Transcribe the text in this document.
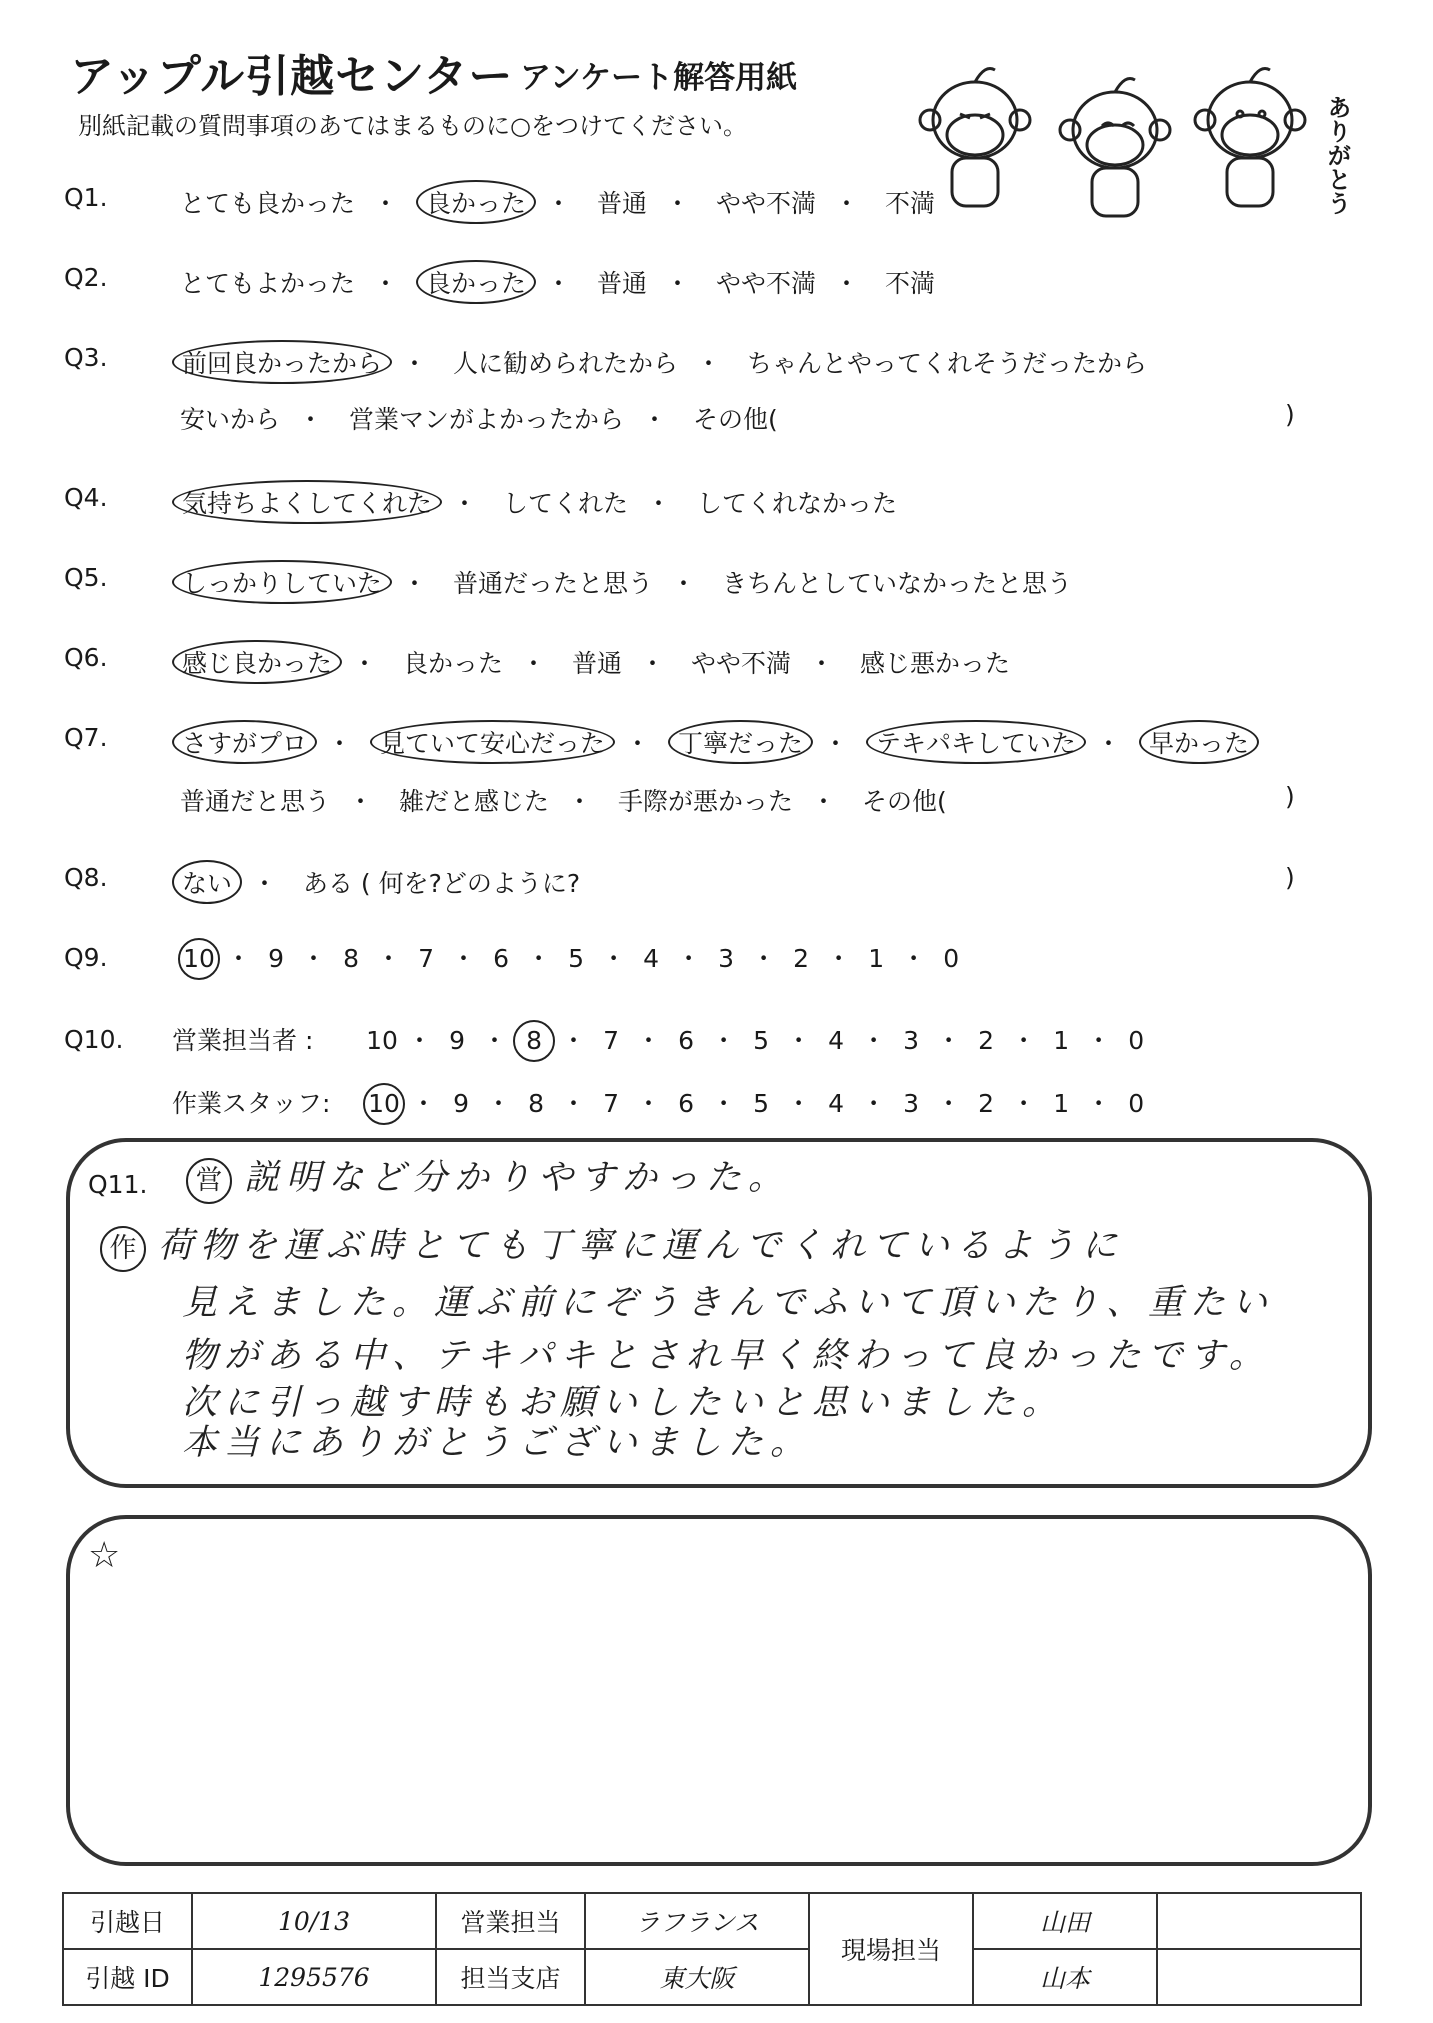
アップル引越センター アンケート解答用紙
別紙記載の質問事項のあてはまるものに○をつけてください。	ありがとう
Q1.	とても良かった ・ 良かった ・ 普通 ・ やや不満 ・ 不満
Q2.	とてもよかった ・ 良かった ・ 普通 ・ やや不満 ・ 不満
Q3.	前回良かったから ・ 人に勧められたから ・ ちゃんとやってくれそうだったから
安いから ・ 営業マンがよかったから ・ その他(	)
Q4.	気持ちよくしてくれた ・ してくれた ・ してくれなかった
Q5.	しっかりしていた ・ 普通だったと思う ・ きちんとしていなかったと思う
Q6.	感じ良かった ・ 良かった ・ 普通 ・ やや不満 ・ 感じ悪かった
Q7.	さすがプロ ・ 見ていて安心だった ・ 丁寧だった ・ テキパキしていた ・ 早かった
普通だと思う ・ 雑だと感じた ・ 手際が悪かった ・ その他(	)
Q8.	ない ・ ある ( 何を?どのように?	)
Q9.	10 ・ 9 ・ 8 ・ 7 ・ 6 ・ 5 ・ 4 ・ 3 ・ 2 ・ 1 ・ 0
Q10. 営業担当者 : 10 ・ 9 ・ 8 ・ 7 ・ 6 ・ 5 ・ 4 ・ 3 ・ 2 ・ 1 ・ 0
作業スタッフ: 10 ・ 9 ・ 8 ・ 7 ・ 6 ・ 5 ・ 4 ・ 3 ・ 2 ・ 1 ・ 0
Q11.	営 説明など分かりやすかった。
作 荷物を運ぶ時とても丁寧に運んでくれているように
見えました。運ぶ前にぞうきんでふいて頂いたり、重たい
物がある中、テキパキとされ早く終わって良かったです。
次に引っ越す時もお願いしたいと思いました。
本当にありがとうございました。
☆
引越日	10/13	営業担当	ラフランス	現場担当	山田	
引越 ID	1295576	担当支店	東大阪		山本	
